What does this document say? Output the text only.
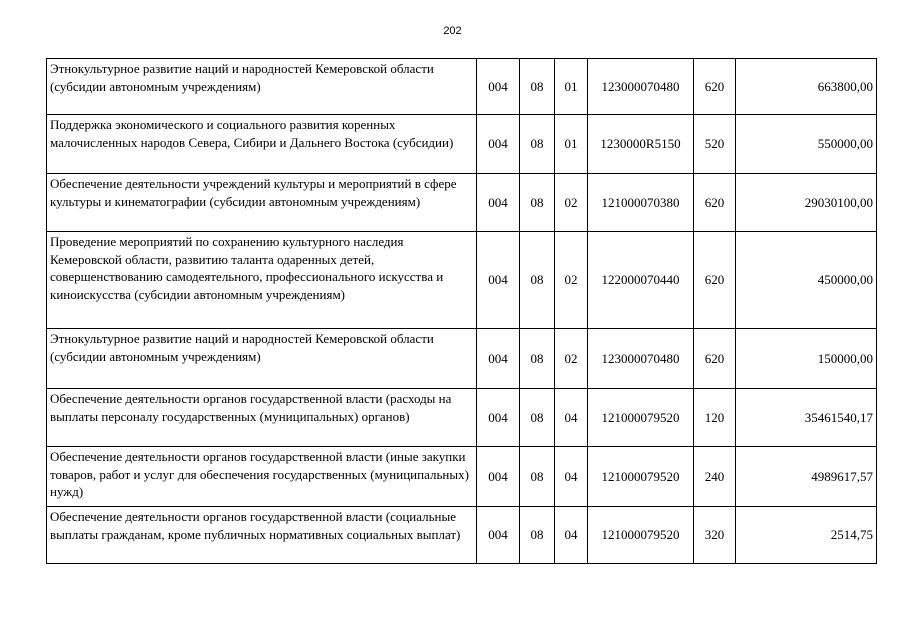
202
Этнокультурное развитие наций и народностей Кемеровской области (субсидии автономным учреждениям)	004	08	01	123000070480	620	663800,00
Поддержка экономического и социального развития коренных малочисленных народов Севера, Сибири и Дальнего Востока (субсидии)	004	08	01	1230000R5150	520	550000,00
Обеспечение деятельности учреждений культуры и мероприятий в сфере культуры и кинематографии (субсидии автономным учреждениям)	004	08	02	121000070380	620	29030100,00
Проведение мероприятий по сохранению культурного наследия Кемеровской области, развитию таланта одаренных детей, совершенствованию самодеятельного, профессионального искусства и киноискусства (субсидии автономным учреждениям)	004	08	02	122000070440	620	450000,00
Этнокультурное развитие наций и народностей Кемеровской области (субсидии автономным учреждениям)	004	08	02	123000070480	620	150000,00
Обеспечение деятельности органов государственной власти (расходы на выплаты персоналу государственных (муниципальных) органов)	004	08	04	121000079520	120	35461540,17
Обеспечение деятельности органов государственной власти (иные закупки товаров, работ и услуг для обеспечения государственных (муниципальных) нужд)	004	08	04	121000079520	240	4989617,57
Обеспечение деятельности органов государственной власти (социальные выплаты гражданам, кроме публичных нормативных социальных выплат)	004	08	04	121000079520	320	2514,75
